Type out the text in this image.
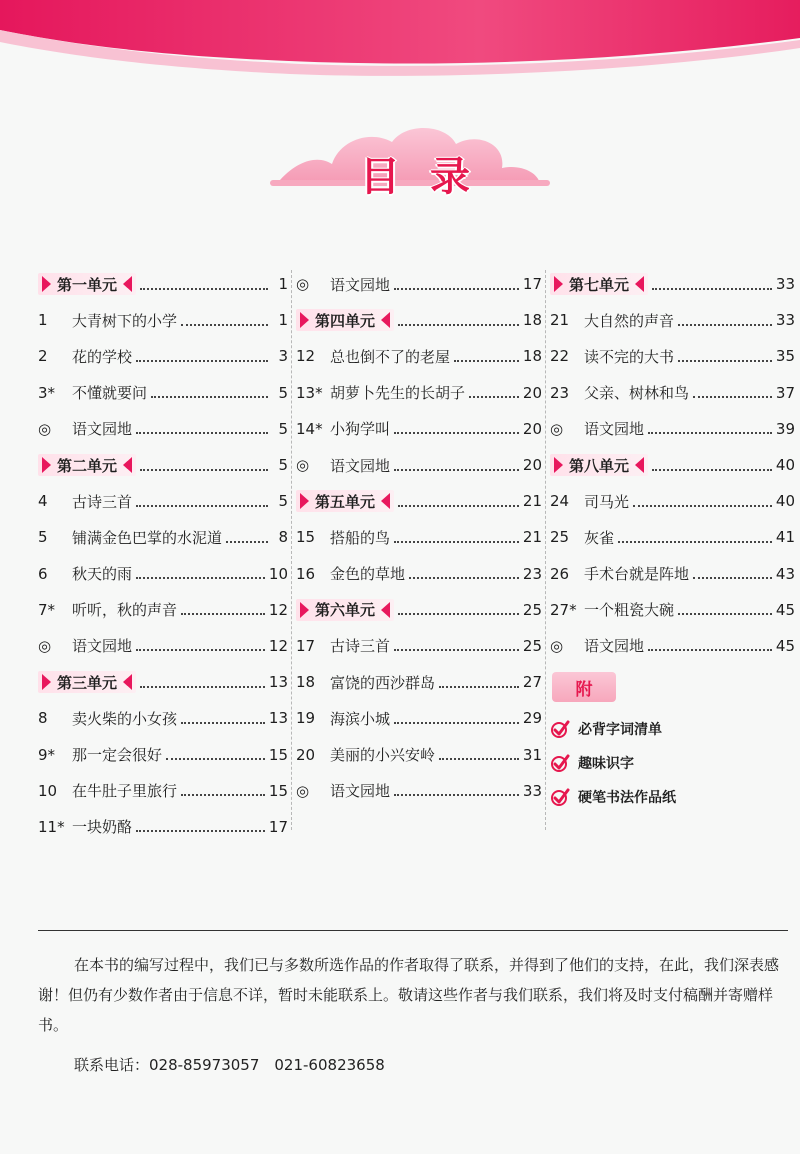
目录
第一单元	1
1	大青树下的小学	1
2	花的学校	3
3*	不懂就要问	5
◎	语文园地	5
第二单元	5
4	古诗三首	5
5	铺满金色巴掌的水泥道	8
6	秋天的雨	10
7*	听听，秋的声音	12
◎	语文园地	12
第三单元	13
8	卖火柴的小女孩	13
9*	那一定会很好	15
10 在牛肚子里旅行	15
11* 一块奶酪	17
◎	语文园地	17
第四单元	18
12 总也倒不了的老屋	18
13* 胡萝卜先生的长胡子	20
14* 小狗学叫	20
◎	语文园地	20
第五单元	21
15 搭船的鸟	21
16 金色的草地	23
第六单元	25
17 古诗三首	25
18 富饶的西沙群岛	27
19 海滨小城	29
20 美丽的小兴安岭	31
◎	语文园地	33
第七单元	33
21 大自然的声音	33
22 读不完的大书	35
23 父亲、树林和鸟	37
◎	语文园地	39
第八单元	40
24 司马光	40
25 灰雀	41
26 手术台就是阵地	43
27* 一个粗瓷大碗	45
◎	语文园地	45
附
必背字词清单
趣味识字
硬笔书法作品纸
在本书的编写过程中，我们已与多数所选作品的作者取得了联系，并得到了他们的支持，在此，我们深表感谢！但仍有少数作者由于信息不详，暂时未能联系上。敬请这些作者与我们联系，我们将及时支付稿酬并寄赠样书。
联系电话：028-85973057　021-60823658
